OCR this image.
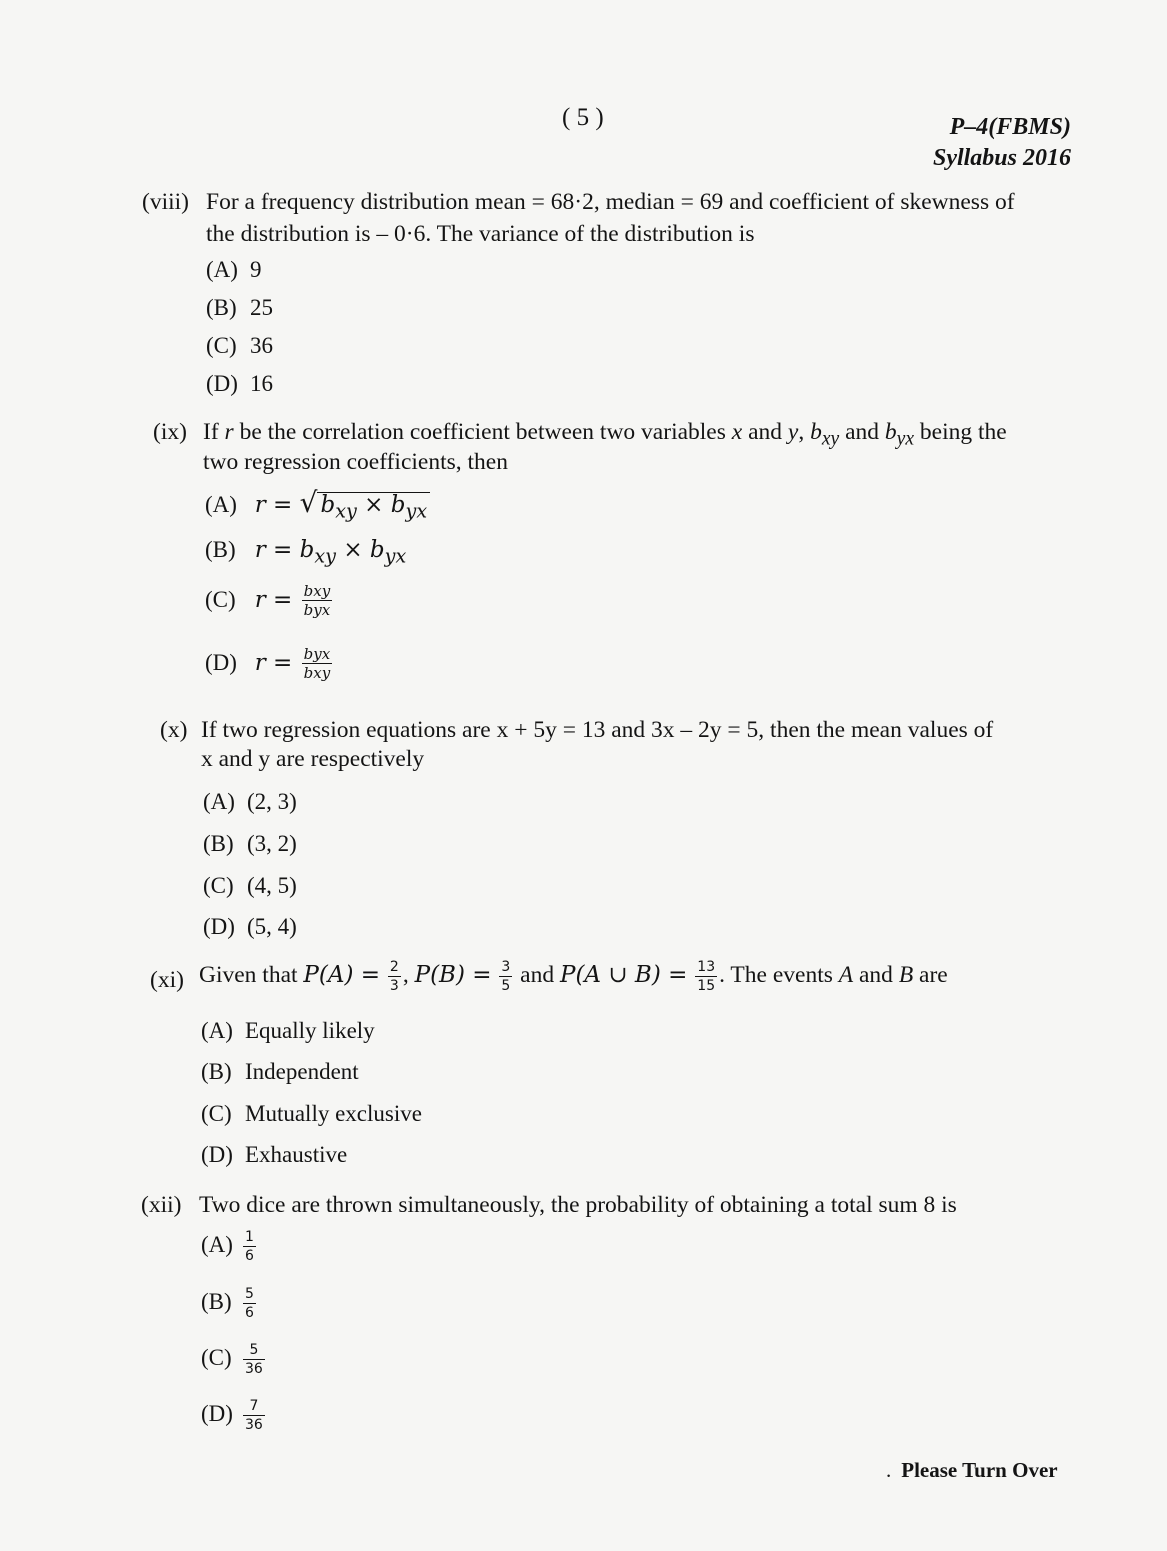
( 5 )	P–4(FBMS)
Syllabus 2016
(viii) For a frequency distribution mean = 68·2, median = 69 and coefficient of skewness of
the distribution is – 0·6. The variance of the distribution is
(A) 9
(B) 25
(C) 36
(D) 16
(ix) If r be the correlation coefficient between two variables x and y, $b_{xy}$ and $b_{yx}$ being the
two regression coefficients, then
(A) r = √ $b_{xy} \times b_{yx}$
(B) $r = b_{xy} \times b_{yx}$
(C) $r = \frac{\text{bxy}}{\text{byx}}$
(D) $r = \frac{\text{byx}}{\text{bxy}}$
(x) If two regression equations are x + 5y = 13 and 3x – 2y = 5, then the mean values of
x and y are respectively
(A) (2, 3)
(B) (3, 2)
(C) (4, 5)
(D) (5, 4)
(xi) Given that $P(A) = \frac{2}{3}$ , $P(B) = \frac{3}{5}$ and P(A ∪ $B) = \frac{13}{15}$ . The events A and B are
(A) Equally likely
(B) Independent
(C) Mutually exclusive
(D) Exhaustive
(xii) Two dice are thrown simultaneously, the probability of obtaining a total sum 8 is
$(A) \frac{1}{6}$
$(B) \frac{5}{6}$
$(C) \frac{5}{36}$
$(D) \frac{7}{36}$
. Please Turn Over
